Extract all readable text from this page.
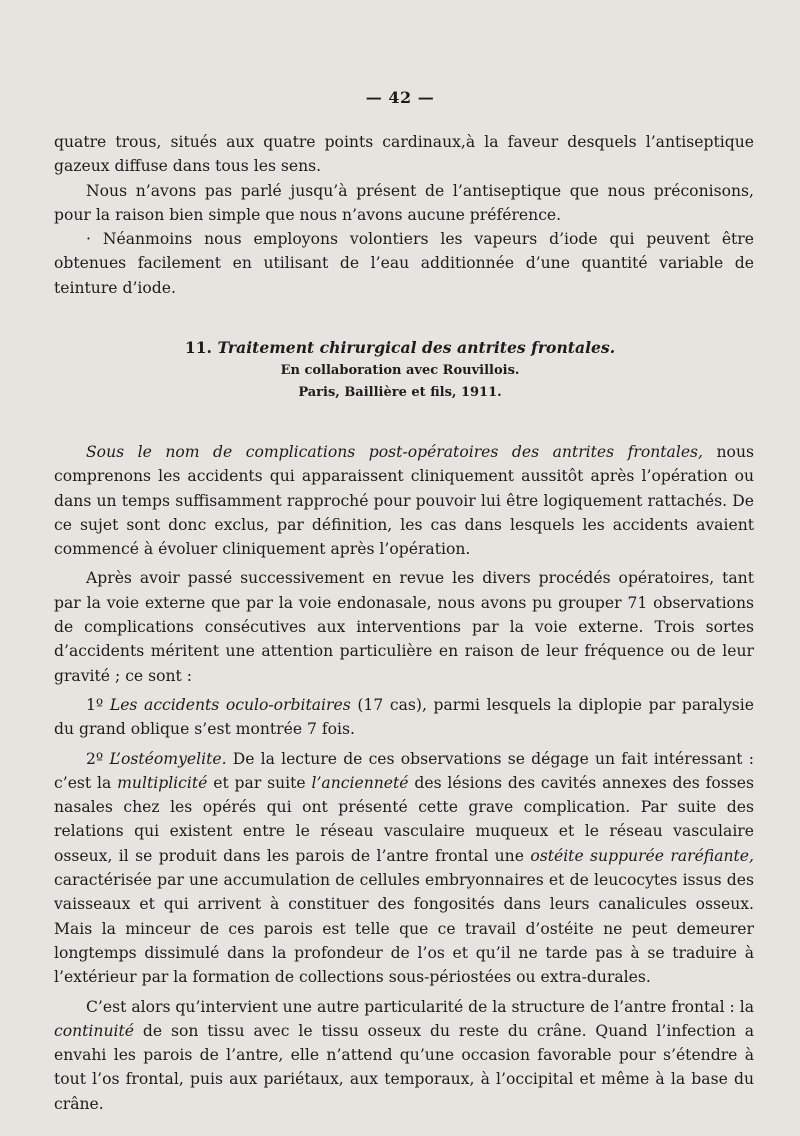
— 42 —

quatre trous, situés aux quatre points cardinaux,à la faveur desquels l’antiseptique gazeux diffuse dans tous les sens.

Nous n’avons pas parlé jusqu’à présent de l’antiseptique que nous préconisons, pour la raison bien simple que nous n’avons aucune préférence.

· Néanmoins nous employons volontiers les vapeurs d’iode qui peuvent être obtenues facilement en utilisant de l’eau additionnée d’une quantité variable de teinture d’iode.

11. Traitement chirurgical des antrites frontales.
En collaboration avec Rouvillois.
Paris, Baillière et fils, 1911.

Sous le nom de complications post-opératoires des antrites frontales, nous comprenons les accidents qui apparaissent cliniquement aussitôt après l’opération ou dans un temps suffisamment rapproché pour pouvoir lui être logiquement rattachés. De ce sujet sont donc exclus, par définition, les cas dans lesquels les accidents avaient commencé à évoluer cliniquement après l’opération.

Après avoir passé successivement en revue les divers procédés opératoires, tant par la voie externe que par la voie endonasale, nous avons pu grouper 71 observations de complications consécutives aux interventions par la voie externe. Trois sortes d’accidents méritent une attention particulière en raison de leur fréquence ou de leur gravité ; ce sont :

1º Les accidents oculo-orbitaires (17 cas), parmi lesquels la diplopie par paralysie du grand oblique s’est montrée 7 fois.

2º L’ostéomyelite. De la lecture de ces observations se dégage un fait intéressant : c’est la multiplicité et par suite l’ancienneté des lésions des cavités annexes des fosses nasales chez les opérés qui ont présenté cette grave complication. Par suite des relations qui existent entre le réseau vasculaire muqueux et le réseau vasculaire osseux, il se produit dans les parois de l’antre frontal une ostéite suppurée raréfiante, caractérisée par une accumulation de cellules embryonnaires et de leucocytes issus des vaisseaux et qui arrivent à constituer des fongosités dans leurs canalicules osseux. Mais la minceur de ces parois est telle que ce travail d’ostéite ne peut demeurer longtemps dissimulé dans la profondeur de l’os et qu’il ne tarde pas à se traduire à l’extérieur par la formation de collections sous-périostées ou extra-durales.

C’est alors qu’intervient une autre particularité de la structure de l’antre frontal : la continuité de son tissu avec le tissu osseux du reste du crâne. Quand l’infection a envahi les parois de l’antre, elle n’attend qu’une occasion favorable pour s’étendre à tout l’os frontal, puis aux pariétaux, aux temporaux, à l’occipital et même à la base du crâne.
